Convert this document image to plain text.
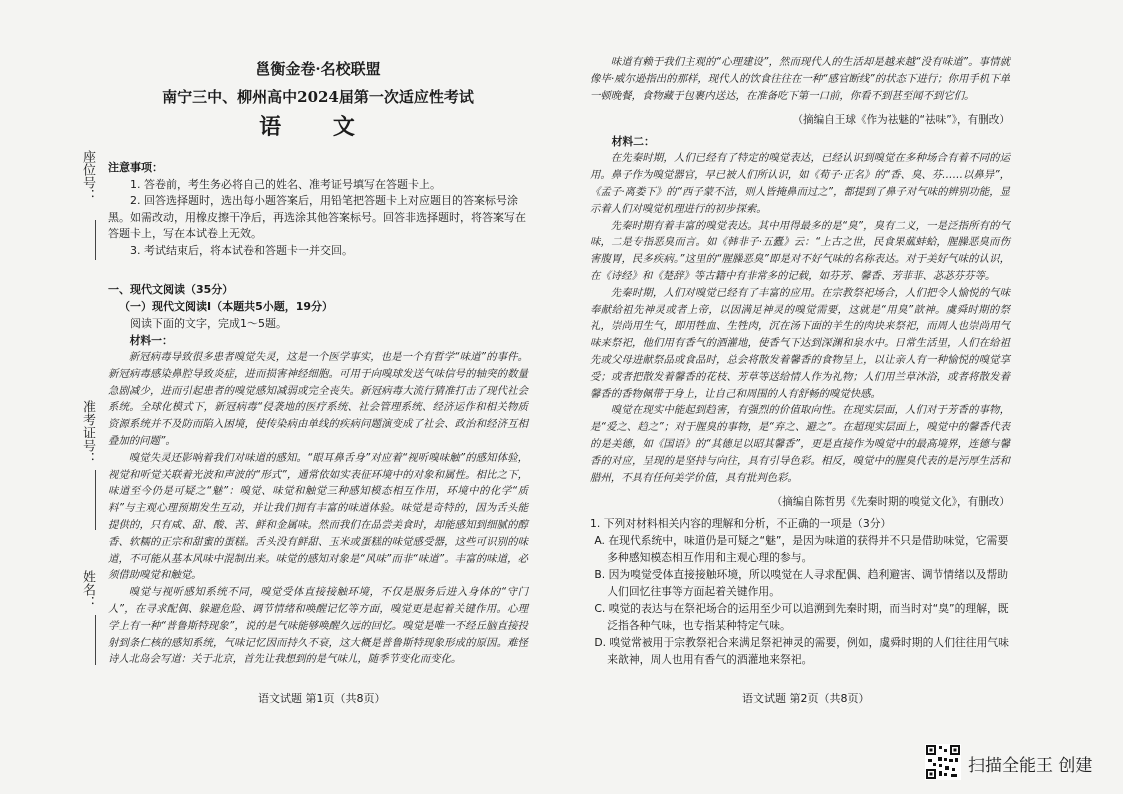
座位号：
准考证号：
姓名：
邕衡金卷·名校联盟
南宁三中、柳州高中2024届第一次适应性考试
语 文
注意事项：

1. 答卷前，考生务必将自己的姓名、准考证号填写在答题卡上。

2. 回答选择题时，选出每小题答案后，用铅笔把答题卡上对应题目的答案标号涂黑。如需改动，用橡皮擦干净后，再选涂其他答案标号。回答非选择题时，将答案写在答题卡上，写在本试卷上无效。

3. 考试结束后，将本试卷和答题卡一并交回。

一、现代文阅读（35分）
（一）现代文阅读Ⅰ（本题共5小题，19分）
阅读下面的文字，完成1～5题。
材料一：

新冠病毒导致很多患者嗅觉失灵，这是一个医学事实，也是一个有哲学“味道”的事件。新冠病毒感染鼻腔导致炎症，进而损害神经细胞。可用于向嗅球发送气味信号的轴突的数量急剧减少，进而引起患者的嗅觉感知减弱或完全丧失。新冠病毒大流行猜准打击了现代社会系统。全球化模式下，新冠病毒“侵袭地的医疗系统、社会管理系统、经济运作和相关物质资源系统并不及防而陷入困境，使传染病由单线的疾病问题演变成了社会、政治和经济互相叠加的问题”。

嗅觉失灵还影响着我们对味道的感知。“眼耳鼻舌身”对应着“视听嗅味触”的感知体验，视觉和听觉关联着光波和声波的“形式”，通常依如实表征环境中的对象和属性。相比之下，味道至今仍是可疑之“魅”：嗅觉、味觉和触觉三种感知模态相互作用，环境中的化学“质料”与主观心理预期发生互动，并让我们拥有丰富的味道体验。味觉是奇特的，因为舌头能提供的，只有咸、甜、酸、苦、鲜和金属味。然而我们在品尝美食时，却能感知到细腻的醇香、软糯的正宗和甜蜜的蛋糕。舌头没有鲜甜、玉米或蛋糕的味觉感受器，这些可识别的味道，不可能从基本风味中混制出来。味觉的感知对象是“风味”而非“味道”。丰富的味道，必须借助嗅觉和触觉。

嗅觉与视听感知系统不同，嗅觉受体直接接触环境，不仅是服务后进入身体的“守门人”，在寻求配偶、躲避危险、调节情绪和唤醒记忆等方面，嗅觉更是起着关键作用。心理学上有一种“普鲁斯特现象”，说的是气味能够唤醒久远的回忆。嗅觉是唯一不经丘脑直接投射到条仁核的感知系统，气味记忆因而持久不衰，这大概是普鲁斯特现象形成的原因。难怪诗人北岛会写道：关于北京，首先让我想到的是气味儿，随季节变化而变化。

语文试题 第1页（共8页）

味道有赖于我们主观的“心理建设”，然而现代人的生活却是越来越“没有味道”。事情就像毕·威尔逊指出的那样，现代人的饮食往往在一种“感官断线”的状态下进行；你用手机下单一顿晚餐，食物藏于包裹内送达，在准备吃下第一口前，你看不到甚至闻不到它们。

（摘编自王球《作为祛魅的“祛味”》，有删改）
材料二：

在先秦时期，人们已经有了特定的嗅觉表达，已经认识到嗅觉在多种场合有着不同的运用。鼻子作为嗅觉器官，早已被人们所认识，如《荀子·正名》的“香、臭、芬……以鼻异”，《孟子·离娄下》的“西子蒙不洁，则人皆掩鼻而过之”，都提到了鼻子对气味的辨别功能，显示着人们对嗅觉机理进行的初步探索。

先秦时期有着丰富的嗅觉表达。其中用得最多的是“臭”，臭有二义，一是泛指所有的气味，二是专指恶臭而言。如《韩非子·五蠹》云：“上古之世，民食果蓏蚌蛤，腥臊恶臭而伤害腹胃，民多疾病。”这里的“腥臊恶臭”即是对不好气味的名称表达。对于美好气味的认识，在《诗经》和《楚辞》等古籍中有非常多的记载，如芬芳、馨香、芳菲菲、苾苾芬芬等。

先秦时期，人们对嗅觉已经有了丰富的应用。在宗教祭祀场合，人们把令人愉悦的气味奉献给祖先神灵或者上帝，以因满足神灵的嗅觉需要，这就是“用臭”歆神。虞舜时期的祭礼，崇尚用生气，即用牲血、生牲肉，沉在汤下面的羊生的肉块来祭祀，而周人也崇尚用气味来祭祀，他们用有香气的酒灌地，使香气下达到深渊和泉水中。日常生活里，人们在给祖先或父母进献祭品或食品时，总会将散发着馨香的食物呈上，以让亲人有一种愉悦的嗅觉享受；或者把散发着馨香的花枝、芳草等送给情人作为礼物；人们用兰草沐浴，或者将散发着馨香的香物佩带于身上，让自己和周围的人有舒畅的嗅觉快感。

嗅觉在现实中能起到趋害，有强烈的价值取向性。在现实层面，人们对于芳香的事物，是“爱之、趋之”；对于腥臭的事物，是“弃之、避之”。在超现实层面上，嗅觉中的馨香代表的是美德，如《国语》的“其德足以昭其馨香”，更是直接作为嗅觉中的最高境界，连德与馨香的对应，呈现的是坚持与向往，具有引导色彩。相反，嗅觉中的腥臭代表的是污厚生活和腊州，不具有任何美学价值，具有批判色彩。

（摘编自陈哲男《先秦时期的嗅觉文化》，有删改）

1. 下列对材料相关内容的理解和分析，不正确的一项是（3分）

A. 在现代系统中，味道仍是可疑之“魅”，是因为味道的获得并不只是借助味觉，它需要多种感知模态相互作用和主观心理的参与。

B. 因为嗅觉受体直接接触环境，所以嗅觉在人寻求配偶、趋利避害、调节情绪以及帮助人们回忆往事等方面起着关键作用。

C. 嗅觉的表达与在祭祀场合的运用至少可以追溯到先秦时期，而当时对“臭”的理解，既泛指各种气味，也专指某种特定气味。

D. 嗅觉常被用于宗教祭祀合来满足祭祀神灵的需要，例如，虞舜时期的人们往往用气味来歆神，周人也用有香气的酒灌地来祭祀。

语文试题 第2页（共8页）
扫描全能王 创建
